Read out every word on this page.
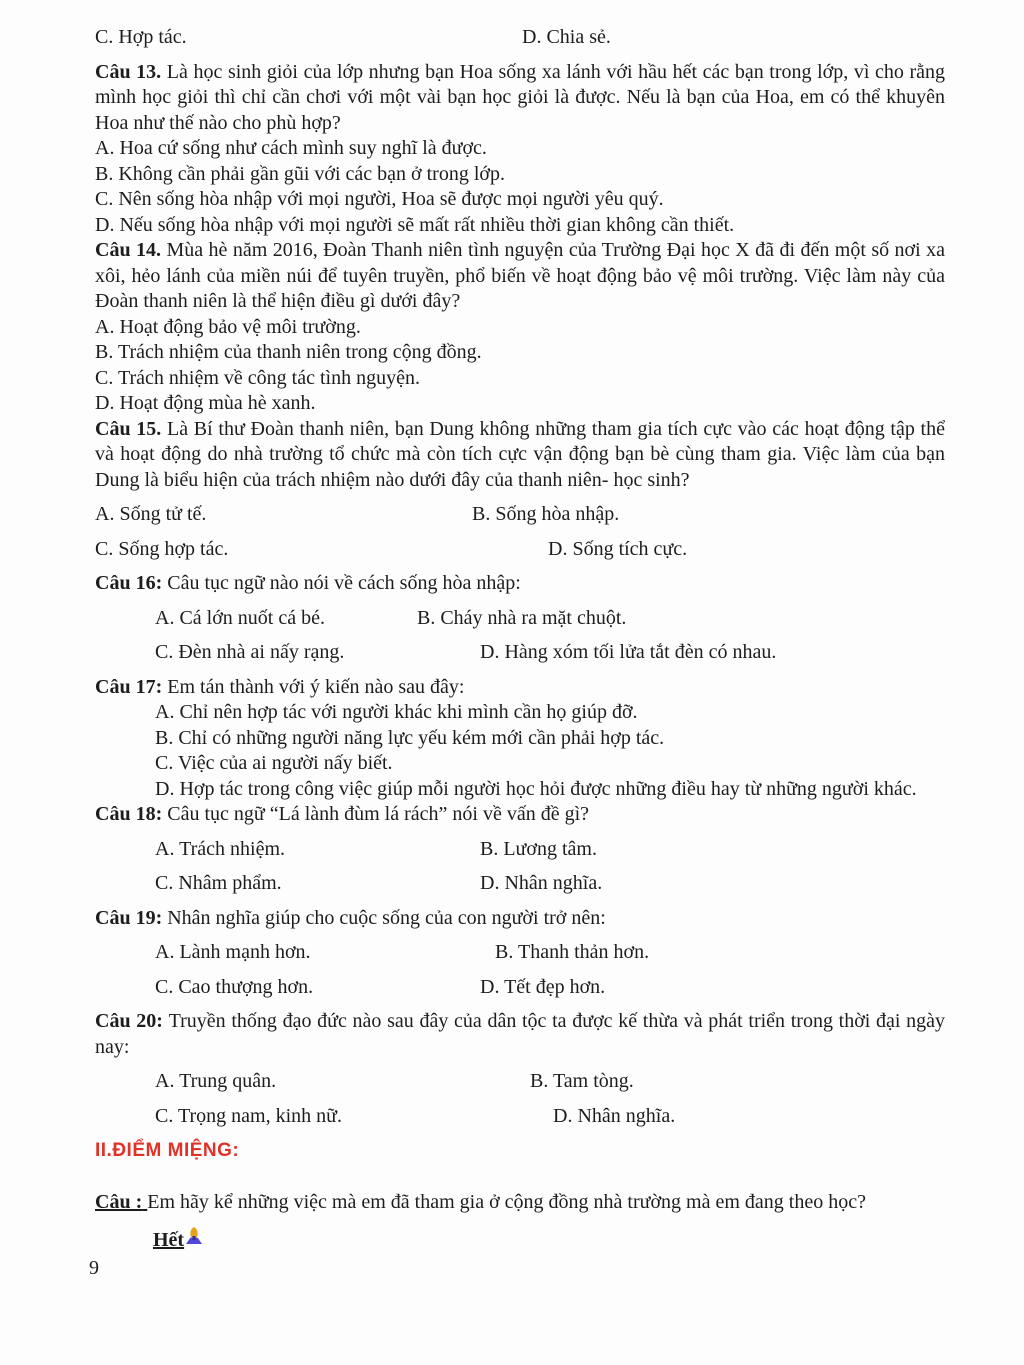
C. Hợp tác.	D. Chia sẻ.

Câu 13. Là học sinh giỏi của lớp nhưng bạn Hoa sống xa lánh với hầu hết các bạn trong lớp, vì cho rằng mình học giỏi thì chỉ cần chơi với một vài bạn học giỏi là được. Nếu là bạn của Hoa, em có thể khuyên Hoa như thế nào cho phù hợp?

A. Hoa cứ sống như cách mình suy nghĩ là được.

B. Không cần phải gần gũi với các bạn ở trong lớp.

C. Nên sống hòa nhập với mọi người, Hoa sẽ được mọi người yêu quý.

D. Nếu sống hòa nhập với mọi người sẽ mất rất nhiều thời gian không cần thiết.

Câu 14. Mùa hè năm 2016, Đoàn Thanh niên tình nguyện của Trường Đại học X đã đi đến một số nơi xa xôi, hẻo lánh của miền núi để tuyên truyền, phổ biến về hoạt động bảo vệ môi trường. Việc làm này của Đoàn thanh niên là thể hiện điều gì dưới đây?

A. Hoạt động bảo vệ môi trường.

B. Trách nhiệm của thanh niên trong cộng đồng.

C. Trách nhiệm về công tác tình nguyện.

D. Hoạt động mùa hè xanh.

Câu 15. Là Bí thư Đoàn thanh niên, bạn Dung không những tham gia tích cực vào các hoạt động tập thể và hoạt động do nhà trường tổ chức mà còn tích cực vận động bạn bè cùng tham gia. Việc làm của bạn Dung là biểu hiện của trách nhiệm nào dưới đây của thanh niên- học sinh?

A. Sống tử tế.	B. Sống hòa nhập.
C. Sống hợp tác.	D. Sống tích cực.

Câu 16: Câu tục ngữ nào nói về cách sống hòa nhập:

A. Cá lớn nuốt cá bé.	B. Cháy nhà ra mặt chuột.
C. Đèn nhà ai nấy rạng.	D. Hàng xóm tối lửa tắt đèn có nhau.

Câu 17: Em tán thành với ý kiến nào sau đây:

A. Chỉ nên hợp tác với người khác khi mình cần họ giúp đỡ.

B. Chỉ có những người năng lực yếu kém mới cần phải hợp tác.

C. Việc của ai người nấy biết.

D. Hợp tác trong công việc giúp mỗi người học hỏi được những điều hay từ những người khác.

Câu 18: Câu tục ngữ “Lá lành đùm lá rách” nói về vấn đề gì?

A. Trách nhiệm.	B. Lương tâm.
C. Nhâm phẩm.	D. Nhân nghĩa.

Câu 19: Nhân nghĩa giúp cho cuộc sống của con người trở nên:

A. Lành mạnh hơn.	B. Thanh thản hơn.
C. Cao thượng hơn.	D. Tết đẹp hơn.

Câu 20: Truyền thống đạo đức nào sau đây của dân tộc ta được kế thừa và phát triển trong thời đại ngày nay:

A. Trung quân.	B. Tam tòng.
C. Trọng nam, kinh nữ.	D. Nhân nghĩa.

II.ĐIỂM MIỆNG:

Câu : Em hãy kể những việc mà em đã tham gia ở cộng đồng nhà trường mà em đang theo học?

Hết

9
